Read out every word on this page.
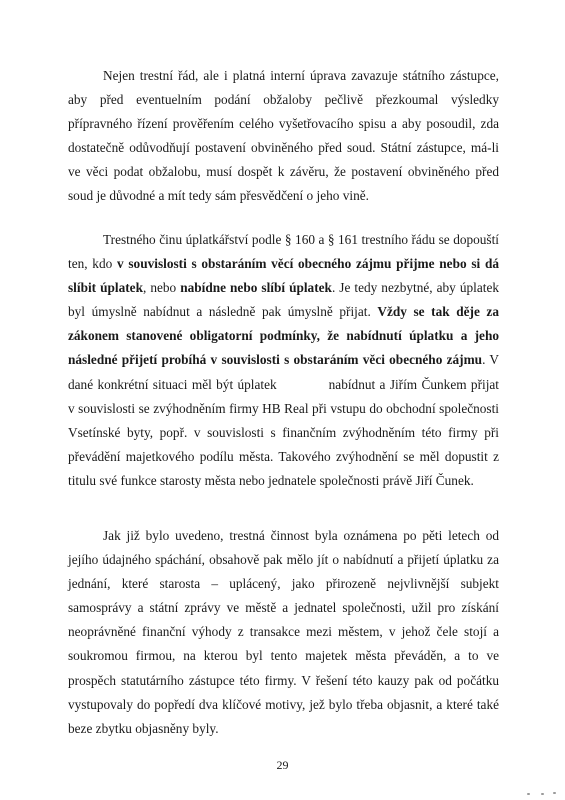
Nejen trestní řád, ale i platná interní úprava zavazuje státního zástupce, aby před eventuelním podání obžaloby pečlivě přezkoumal výsledky přípravného řízení prověřením celého vyšetřovacího spisu a aby posoudil, zda dostatečně odůvodňují postavení obviněného před soud. Státní zástupce, má-li ve věci podat obžalobu, musí dospět k závěru, že postavení obviněného před soud je důvodné a mít tedy sám přesvědčení o jeho vině.

Trestného činu úplatkářství podle § 160 a § 161 trestního řádu se dopouští ten, kdo v souvislosti s obstaráním věcí obecného zájmu přijme nebo si dá slíbit úplatek, nebo nabídne nebo slíbí úplatek. Je tedy nezbytné, aby úplatek byl úmyslně nabídnut a následně pak úmyslně přijat. Vždy se tak děje za zákonem stanovené obligatorní podmínky, že nabídnutí úplatku a jeho následné přijetí probíhá v souvislosti s obstaráním věci obecného zájmu. V dané konkrétní situaci měl být úplatek	nabídnut a Jiřím Čunkem přijat v souvislosti se zvýhodněním firmy HB Real při vstupu do obchodní společnosti Vsetínské byty, popř. v souvislosti s finančním zvýhodněním této firmy při převádění majetkového podílu města. Takového zvýhodnění se měl dopustit z titulu své funkce starosty města nebo jednatele společnosti právě Jiří Čunek.

Jak již bylo uvedeno, trestná činnost byla oznámena po pěti letech od jejího údajného spáchání, obsahově pak mělo jít o nabídnutí a přijetí úplatku za jednání, které starosta – uplácený, jako přirozeně nejvlivnější subjekt samosprávy a státní zprávy ve městě a jednatel společnosti, užil pro získání neoprávněné finanční výhody z transakce mezi městem, v jehož čele stojí a soukromou firmou, na kterou byl tento majetek města převáděn, a to ve prospěch statutárního zástupce této firmy. V řešení této kauzy pak od počátku vystupovaly do popředí dva klíčové motivy, jež bylo třeba objasnit, a které také beze zbytku objasněny byly.

29
